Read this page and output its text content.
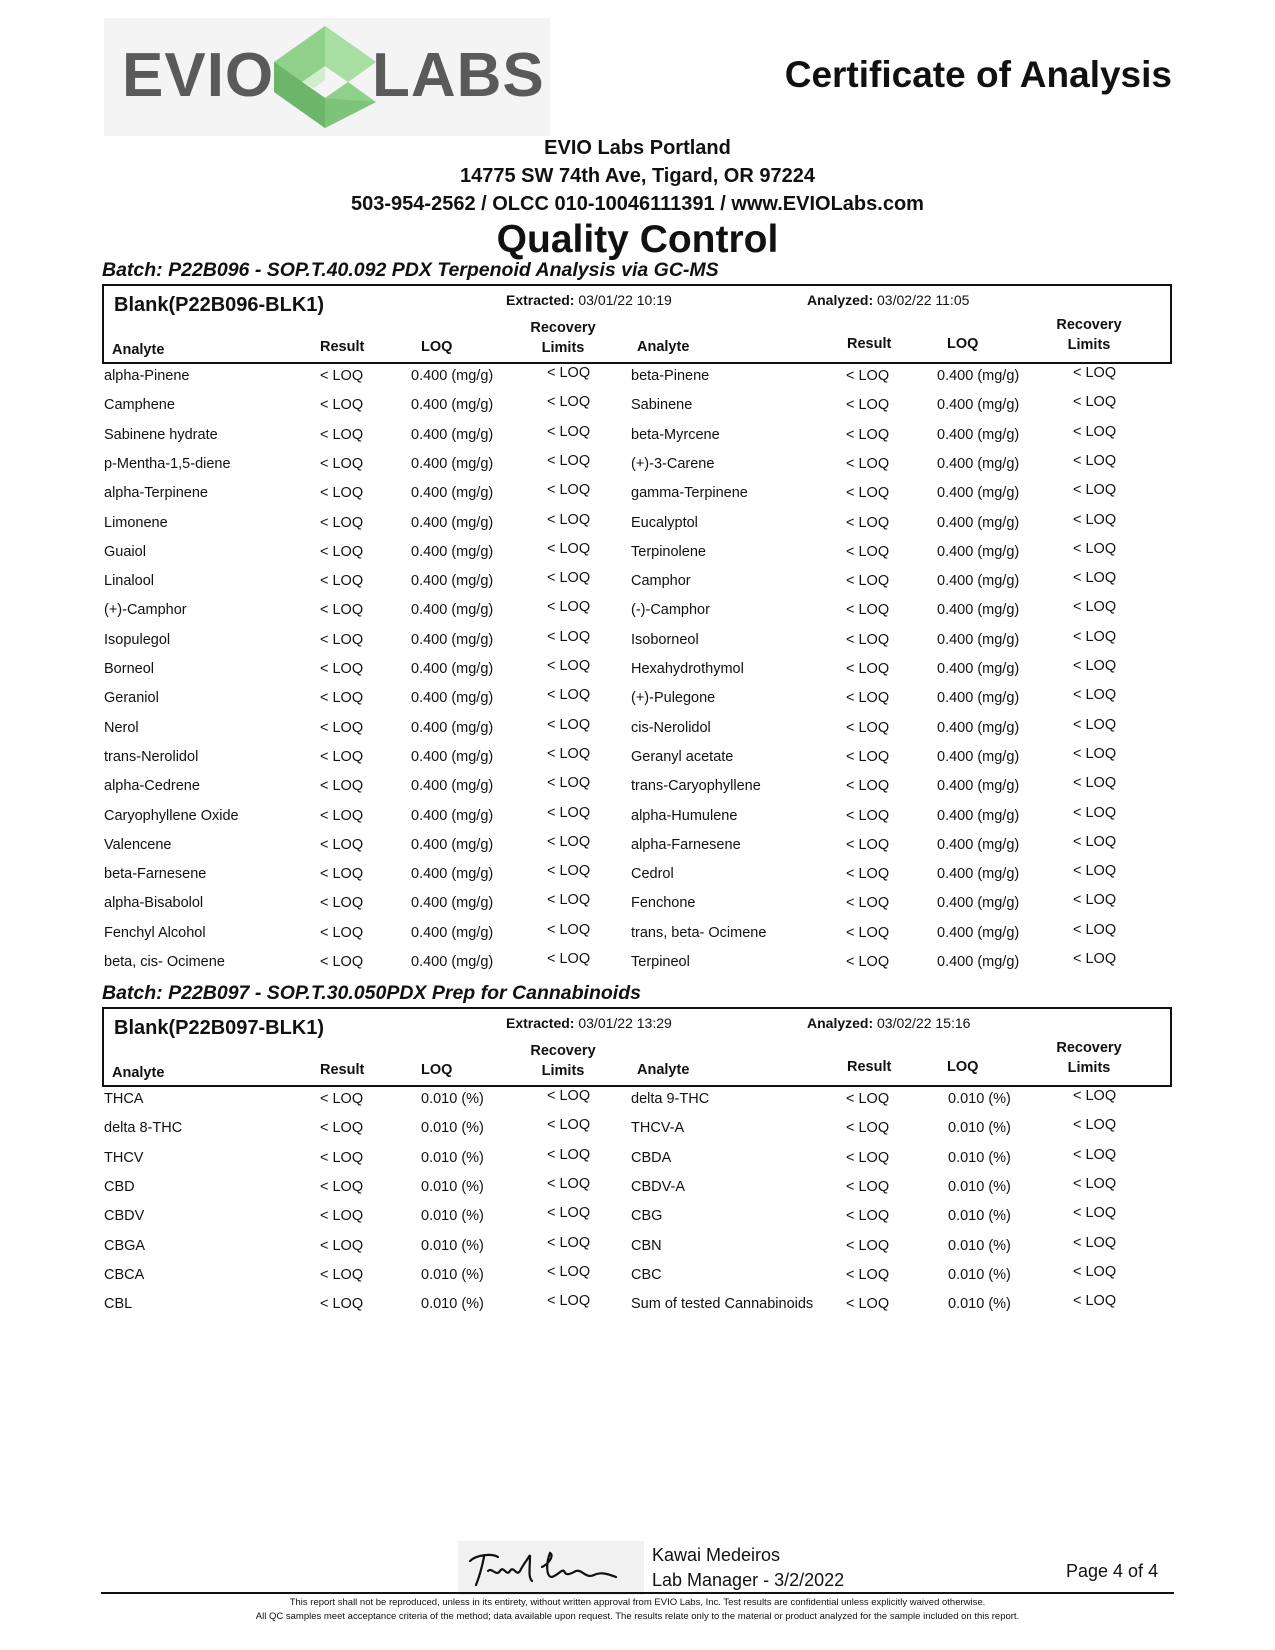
EVIO LABS	Certificate of Analysis
EVIO Labs Portland
14775 SW 74th Ave, Tigard, OR 97224
503-954-2562 / OLCC 010-10046111391 / www.EVIOLabs.com
Quality Control
Batch: P22B096 - SOP.T.40.092 PDX Terpenoid Analysis via GC-MS
Blank(P22B096-BLK1)	Extracted: 03/01/22 10:19	Analyzed: 03/02/22 11:05
Analyte	Result	LOQ
Recovery
Limits	Analyte	Result	LOQ
Recovery
Limits
alpha-Pinene	< LOQ	0.400 (mg/g)	< LOQ	beta-Pinene	< LOQ	0.400 (mg/g)	< LOQ
Camphene	< LOQ	0.400 (mg/g)	< LOQ	Sabinene	< LOQ	0.400 (mg/g)	< LOQ
Sabinene hydrate	< LOQ	0.400 (mg/g)	< LOQ	beta-Myrcene	< LOQ	0.400 (mg/g)	< LOQ
p-Mentha-1,5-diene	< LOQ	0.400 (mg/g)	< LOQ	(+)-3-Carene	< LOQ	0.400 (mg/g)	< LOQ
alpha-Terpinene	< LOQ	0.400 (mg/g)	< LOQ	gamma-Terpinene	< LOQ	0.400 (mg/g)	< LOQ
Limonene	< LOQ	0.400 (mg/g)	< LOQ	Eucalyptol	< LOQ	0.400 (mg/g)	< LOQ
Guaiol	< LOQ	0.400 (mg/g)	< LOQ	Terpinolene	< LOQ	0.400 (mg/g)	< LOQ
Linalool	< LOQ	0.400 (mg/g)	< LOQ	Camphor	< LOQ	0.400 (mg/g)	< LOQ
(+)-Camphor	< LOQ	0.400 (mg/g)	< LOQ	(-)-Camphor	< LOQ	0.400 (mg/g)	< LOQ
Isopulegol	< LOQ	0.400 (mg/g)	< LOQ	Isoborneol	< LOQ	0.400 (mg/g)	< LOQ
Borneol	< LOQ	0.400 (mg/g)	< LOQ	Hexahydrothymol	< LOQ	0.400 (mg/g)	< LOQ
Geraniol	< LOQ	0.400 (mg/g)	< LOQ	(+)-Pulegone	< LOQ	0.400 (mg/g)	< LOQ
Nerol	< LOQ	0.400 (mg/g)	< LOQ	cis-Nerolidol	< LOQ	0.400 (mg/g)	< LOQ
trans-Nerolidol	< LOQ	0.400 (mg/g)	< LOQ	Geranyl acetate	< LOQ	0.400 (mg/g)	< LOQ
alpha-Cedrene	< LOQ	0.400 (mg/g)	< LOQ	trans-Caryophyllene	< LOQ	0.400 (mg/g)	< LOQ
Caryophyllene Oxide	< LOQ	0.400 (mg/g)	< LOQ	alpha-Humulene	< LOQ	0.400 (mg/g)	< LOQ
Valencene	< LOQ	0.400 (mg/g)	< LOQ	alpha-Farnesene	< LOQ	0.400 (mg/g)	< LOQ
beta-Farnesene	< LOQ	0.400 (mg/g)	< LOQ	Cedrol	< LOQ	0.400 (mg/g)	< LOQ
alpha-Bisabolol	< LOQ	0.400 (mg/g)	< LOQ	Fenchone	< LOQ	0.400 (mg/g)	< LOQ
Fenchyl Alcohol	< LOQ	0.400 (mg/g)	< LOQ	trans, beta- Ocimene	< LOQ	0.400 (mg/g)	< LOQ
beta, cis- Ocimene	< LOQ	0.400 (mg/g)	< LOQ	Terpineol	< LOQ	0.400 (mg/g)	< LOQ
Batch: P22B097 - SOP.T.30.050PDX Prep for Cannabinoids
Blank(P22B097-BLK1)	Extracted: 03/01/22 13:29	Analyzed: 03/02/22 15:16
Analyte	Result	LOQ
Recovery
Limits	Analyte	Result	LOQ
Recovery
Limits
THCA	< LOQ	0.010 (%)	< LOQ	delta 9-THC	< LOQ	0.010 (%)	< LOQ
delta 8-THC	< LOQ	0.010 (%)	< LOQ	THCV-A	< LOQ	0.010 (%)	< LOQ
THCV	< LOQ	0.010 (%)	< LOQ	CBDA	< LOQ	0.010 (%)	< LOQ
CBD	< LOQ	0.010 (%)	< LOQ	CBDV-A	< LOQ	0.010 (%)	< LOQ
CBDV	< LOQ	0.010 (%)	< LOQ	CBG	< LOQ	0.010 (%)	< LOQ
CBGA	< LOQ	0.010 (%)	< LOQ	CBN	< LOQ	0.010 (%)	< LOQ
CBCA	< LOQ	0.010 (%)	< LOQ	CBC	< LOQ	0.010 (%)	< LOQ
CBL	< LOQ	0.010 (%)	< LOQ	Sum of tested Cannabinoids < LOQ	0.010 (%)	< LOQ
Kawai Medeiros
Lab Manager - 3/2/2022	Page 4 of 4
This report shall not be reproduced, unless in its entirety, without written approval from EVIO Labs, Inc. Test results are confidential unless explicitly waived otherwise.
All QC samples meet acceptance criteria of the method; data available upon request. The results relate only to the material or product analyzed for the sample included on this report.
